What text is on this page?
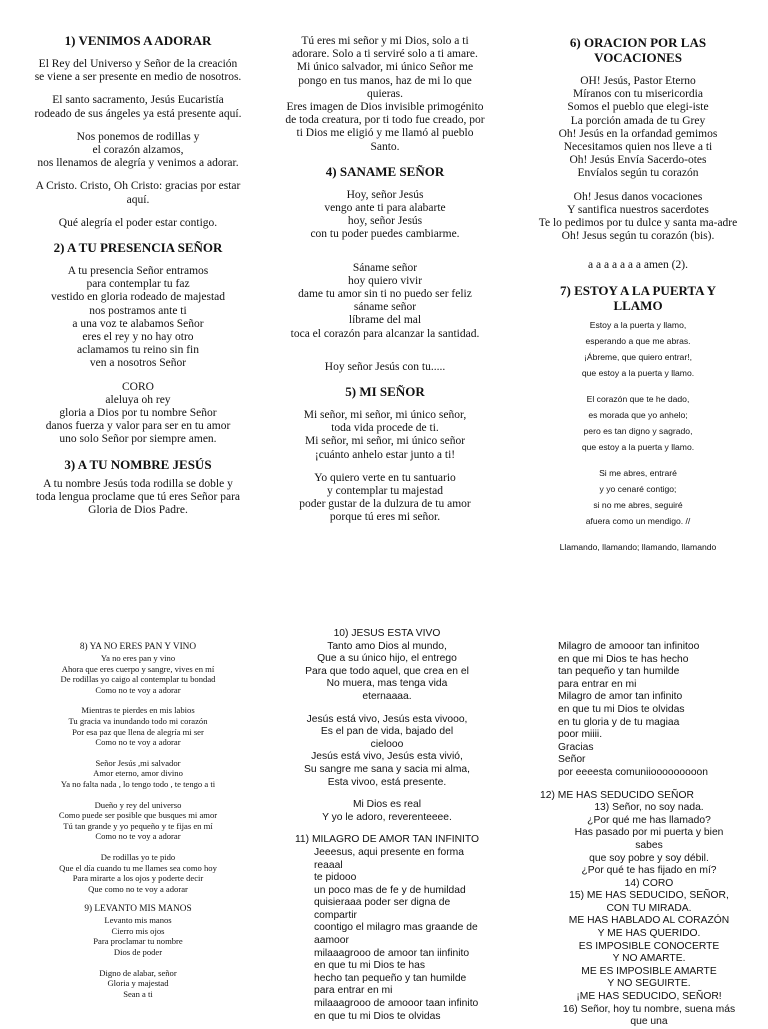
1) VENIMOS A ADORAR

El Rey del Universo y Señor de la creación

se viene a ser presente en medio de nosotros.

El santo sacramento, Jesús Eucaristía

rodeado de sus ángeles ya está presente aquí.

Nos ponemos de rodillas y

el corazón alzamos,

nos llenamos de alegría y venimos a adorar.

A Cristo. Cristo, Oh Cristo: gracias por estar

aquí.

Qué alegría el poder estar contigo.

2) A TU PRESENCIA SEÑOR

A tu presencia Señor entramos

para contemplar tu faz

vestido en gloria rodeado de majestad

nos postramos ante ti

a una voz te alabamos Señor

eres el rey y no hay otro

aclamamos tu reino sin fin

ven a nosotros Señor

CORO

aleluya oh rey

gloria a Dios por tu nombre Señor

danos fuerza y valor para ser en tu amor

uno solo Señor por siempre amen.

3) A TU NOMBRE JESÚS

A tu nombre Jesús toda rodilla se doble y

toda lengua proclame que tú eres Señor para

Gloria de Dios Padre.

Tú eres mi señor y mi Dios, solo a ti

adorare. Solo a ti serviré solo a ti amare.

Mi único salvador, mi único Señor me

pongo en tus manos, haz de mi lo que

quieras.

Eres imagen de Dios invisible primogénito

de toda creatura, por ti todo fue creado, por

ti Dios me eligió y me llamó al pueblo

Santo.

4) SANAME SEÑOR

Hoy, señor Jesús

vengo ante ti para alabarte

hoy, señor Jesús

con tu poder puedes cambiarme.

Sáname señor

hoy quiero vivir

dame tu amor sin ti no puedo ser feliz

sáname señor

líbrame del mal

toca el corazón para alcanzar la santidad.

Hoy señor Jesús con tu.....

5) MI SEÑOR

Mi señor, mi señor, mi único señor,

toda vida procede de ti.

Mi señor, mi señor, mi único señor

¡cuánto anhelo estar junto a ti!

Yo quiero verte en tu santuario

y contemplar tu majestad

poder gustar de la dulzura de tu amor

porque tú eres mi señor.

6) ORACION POR LAS

VOCACIONES

OH! Jesús, Pastor Eterno

Míranos con tu misericordia

Somos el pueblo que elegi-iste

La porción amada de tu Grey

Oh! Jesús en la orfandad gemimos

Necesitamos quien nos lleve a ti

Oh! Jesús Envía Sacerdo-otes

Envíalos según tu corazón

Oh! Jesus danos vocaciones

Y santifica nuestros sacerdotes

Te lo pedimos por tu dulce y santa ma-adre

Oh! Jesus según tu corazón (bis).

a a a a a a a amen (2).

7) ESTOY A LA PUERTA Y

LLAMO

Estoy a la puerta y llamo,

esperando a que me abras.

¡Ábreme, que quiero entrar!,

que estoy a la puerta y llamo.

El corazón que te he dado,

es morada que yo anhelo;

pero es tan digno y sagrado,

que estoy a la puerta y llamo.

Si me abres, entraré

y yo cenaré contigo;

si no me abres, seguiré

afuera como un mendigo. //

Llamando, llamando; llamando, llamando

8) YA NO ERES PAN Y VINO

Ya no eres pan y vino

Ahora que eres cuerpo y sangre, vives en mí

De rodillas yo caigo al contemplar tu bondad

Como no te voy a adorar

Mientras te pierdes en mis labios

Tu gracia va inundando todo mi corazón

Por esa paz que llena de alegría mi ser

Como no te voy a adorar

Señor Jesús ,mi salvador

Amor eterno, amor divino

Ya no falta nada , lo tengo todo , te tengo a ti

Dueño y rey del universo

Como puede ser posible que busques mi amor

Tú tan grande y yo pequeño y te fijas en mí

Como no te voy a adorar

De rodillas yo te pido

Que el día cuando tu me llames sea como hoy

Para mirarte a los ojos y poderte decir

Que como no te voy a adorar

9) LEVANTO MIS MANOS

Levanto mis manos

Cierro mis ojos

Para proclamar tu nombre

Dios de poder

Digno de alabar, señor

Gloria y majestad

Sean a ti

10) JESUS ESTA VIVO

Tanto amo Dios al mundo,

Que a su único hijo, el entrego

Para que todo aquel, que crea en el

No muera, mas tenga vida

eternaaaa.

Jesús está vivo, Jesús esta vivooo,

Es el pan de vida, bajado del

cielooo

Jesús está vivo, Jesús esta vivió,

Su sangre me sana y sacia mi alma,

Esta vivoo, está presente.

Mi Dios es real

Y yo le adoro, reverenteeee.

11) MILAGRO DE AMOR TAN INFINITO

Jeeesus, aqui presente en forma

reaaal

te pidooo

un poco mas de fe y de humildad

quisieraaa poder ser digna de

compartir

coontigo el milagro mas graande de

aamoor

milaaagrooo de amoor tan iinfinito

en que tu mi Dios te has

hecho tan pequeño y tan humilde

para entrar en mi

milaaagrooo de amooor taan infinito

en que tu mi Dios te olvidas

Milagro de amooor tan infinitoo

en que mi Dios te has hecho

tan pequeño y tan humilde

para entrar en mi

Milagro de amor tan infinito

en que tu mi Dios te olvidas

en tu gloria y de tu magiaa

poor miiii.

Gracias

Señor

por eeeesta comuniiooooooooon

12) ME HAS SEDUCIDO SEÑOR

13) Señor, no soy nada.

¿Por qué me has llamado?

Has pasado por mi puerta y bien

sabes

que soy pobre y soy débil.

¿Por qué te has fijado en mí?

14) CORO

15) ME HAS SEDUCIDO, SEÑOR,

CON TU MIRADA.

ME HAS HABLADO AL CORAZÓN

Y ME HAS QUERIDO.

ES IMPOSIBLE CONOCERTE

Y NO AMARTE.

ME ES IMPOSIBLE AMARTE

Y NO SEGUIRTE.

¡ME HAS SEDUCIDO, SEÑOR!

16) Señor, hoy tu nombre, suena más

que una
